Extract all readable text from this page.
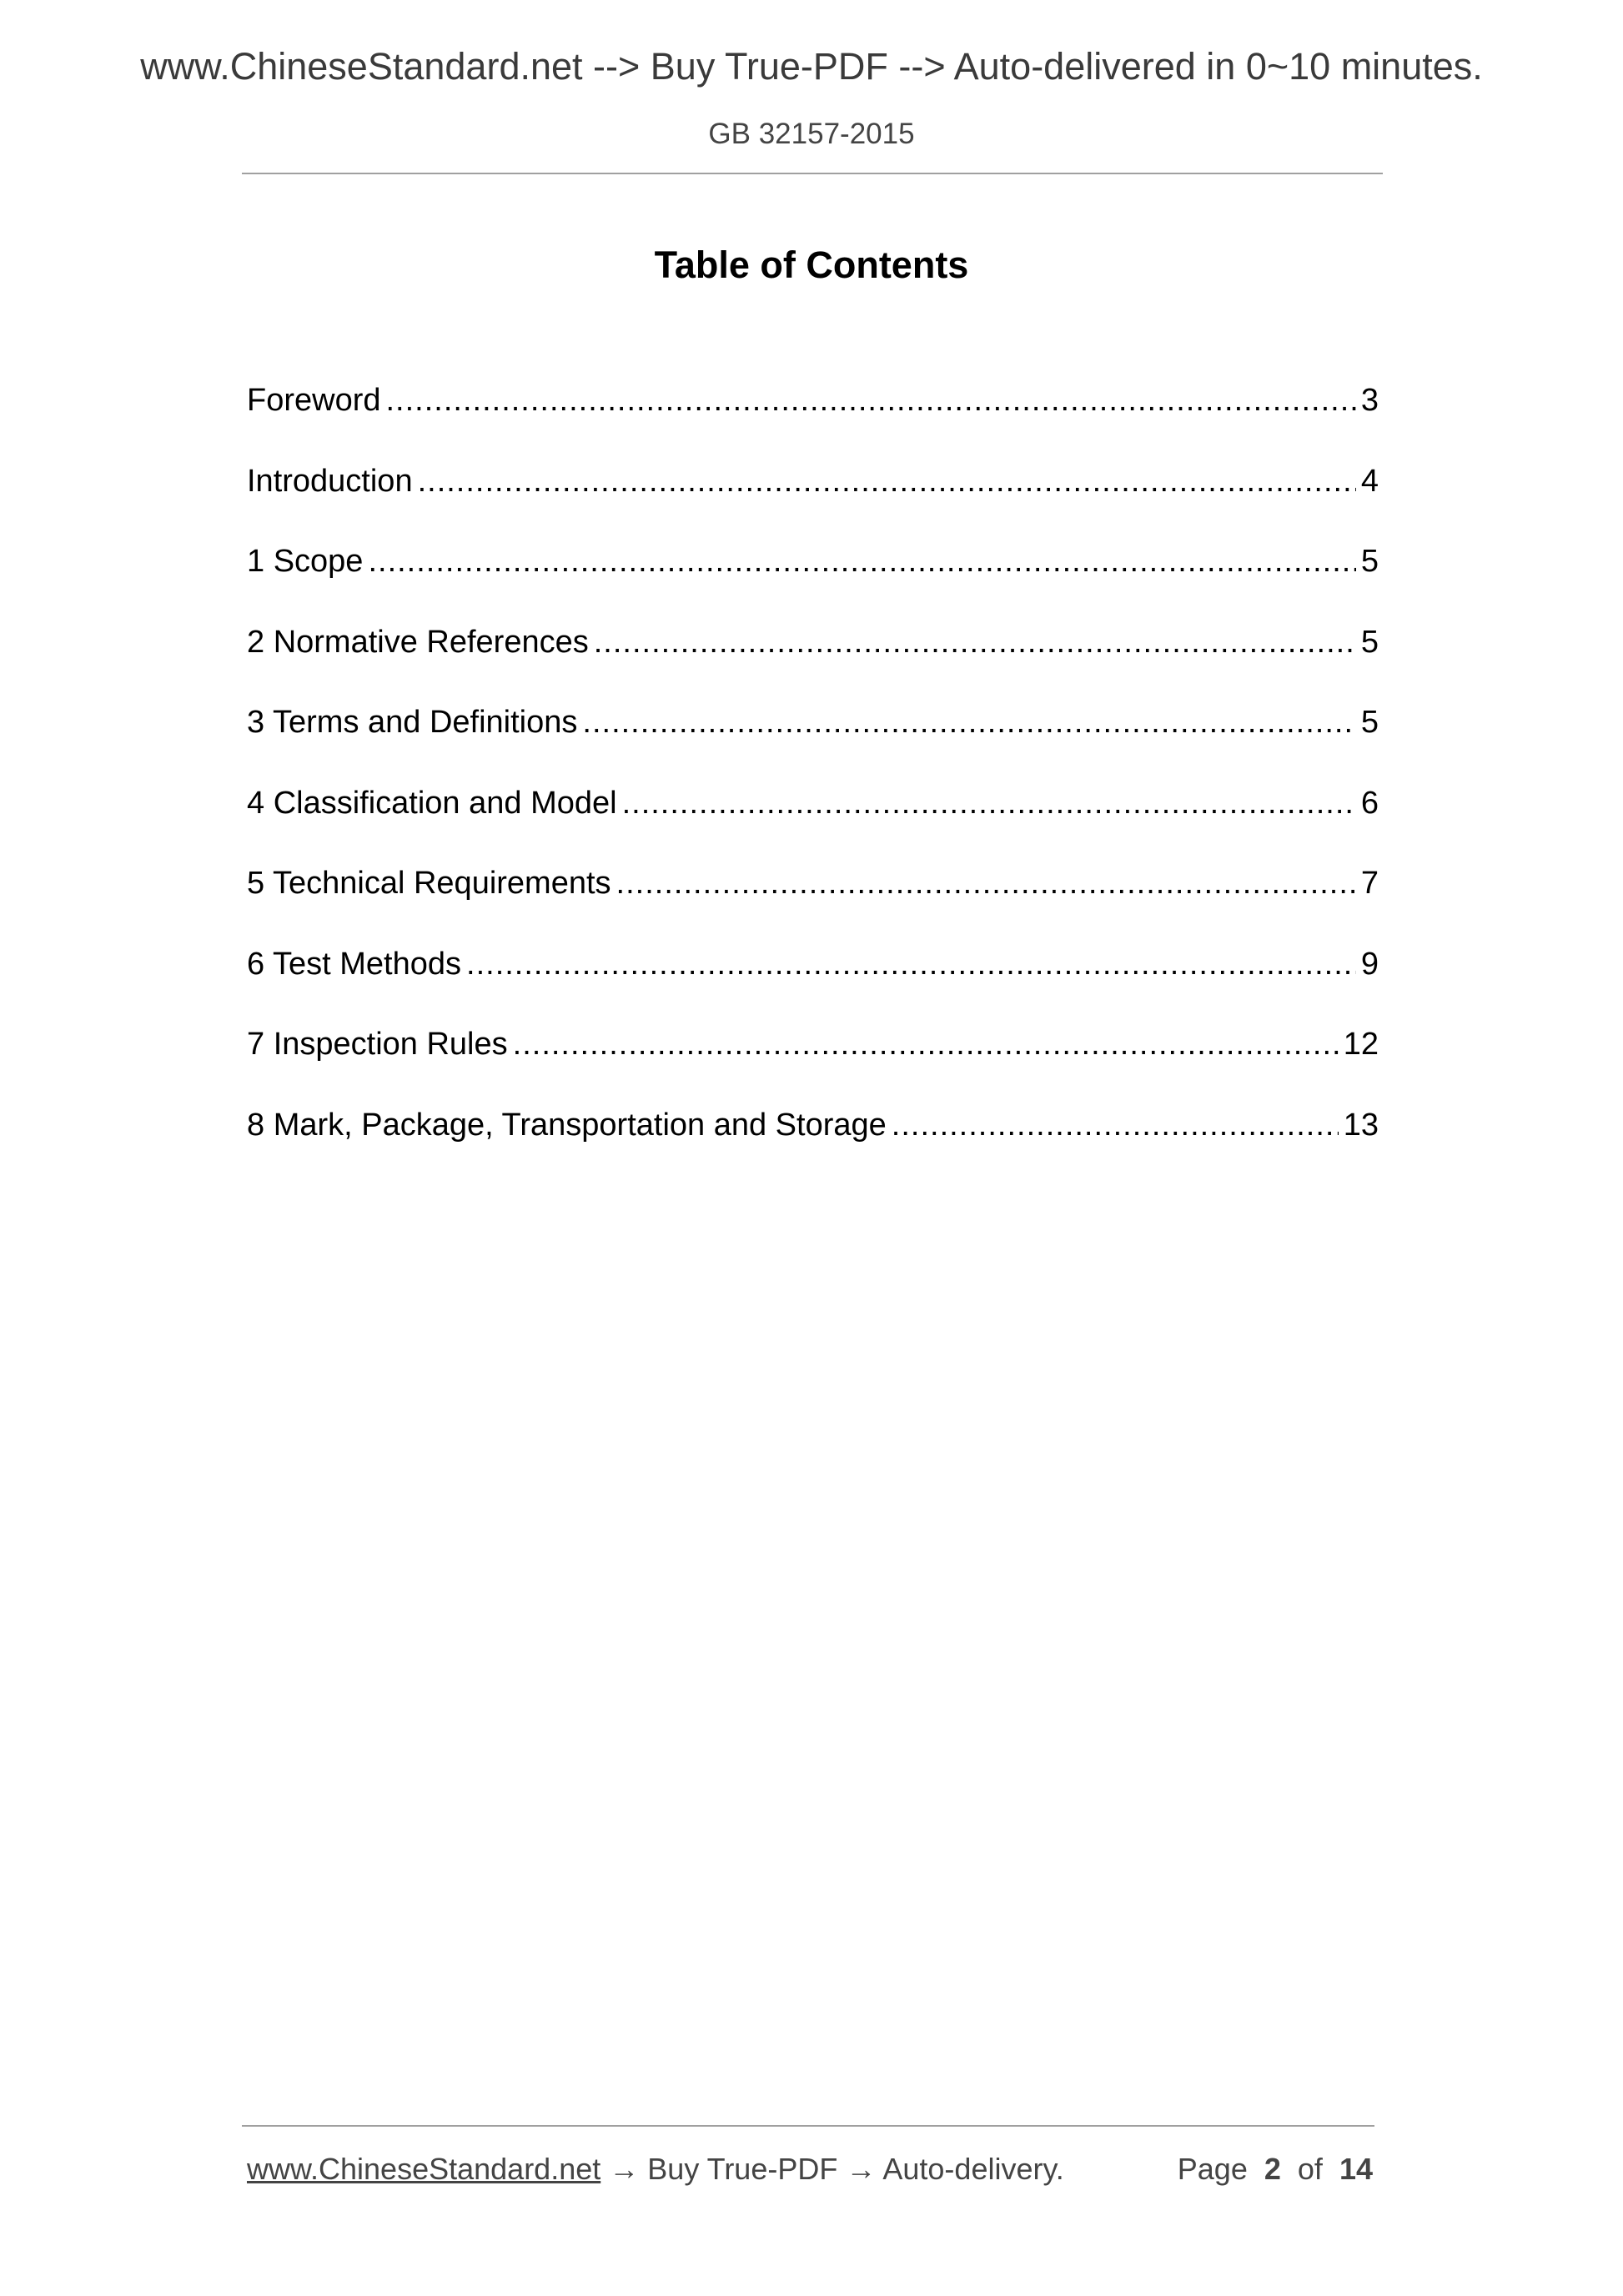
www.ChineseStandard.net --> Buy True-PDF --> Auto-delivered in 0~10 minutes.
GB 32157-2015
Table of Contents
Foreword .....	3
Introduction .....	4
1 Scope .....	5
2 Normative References .....	5
3 Terms and Definitions .....	5
4 Classification and Model .....	6
5 Technical Requirements .....	7
6 Test Methods .....	9
7 Inspection Rules .....	12
8 Mark, Package, Transportation and Storage .....	13
www.ChineseStandard.net → Buy True-PDF → Auto-delivery.	Page 2 of 14
